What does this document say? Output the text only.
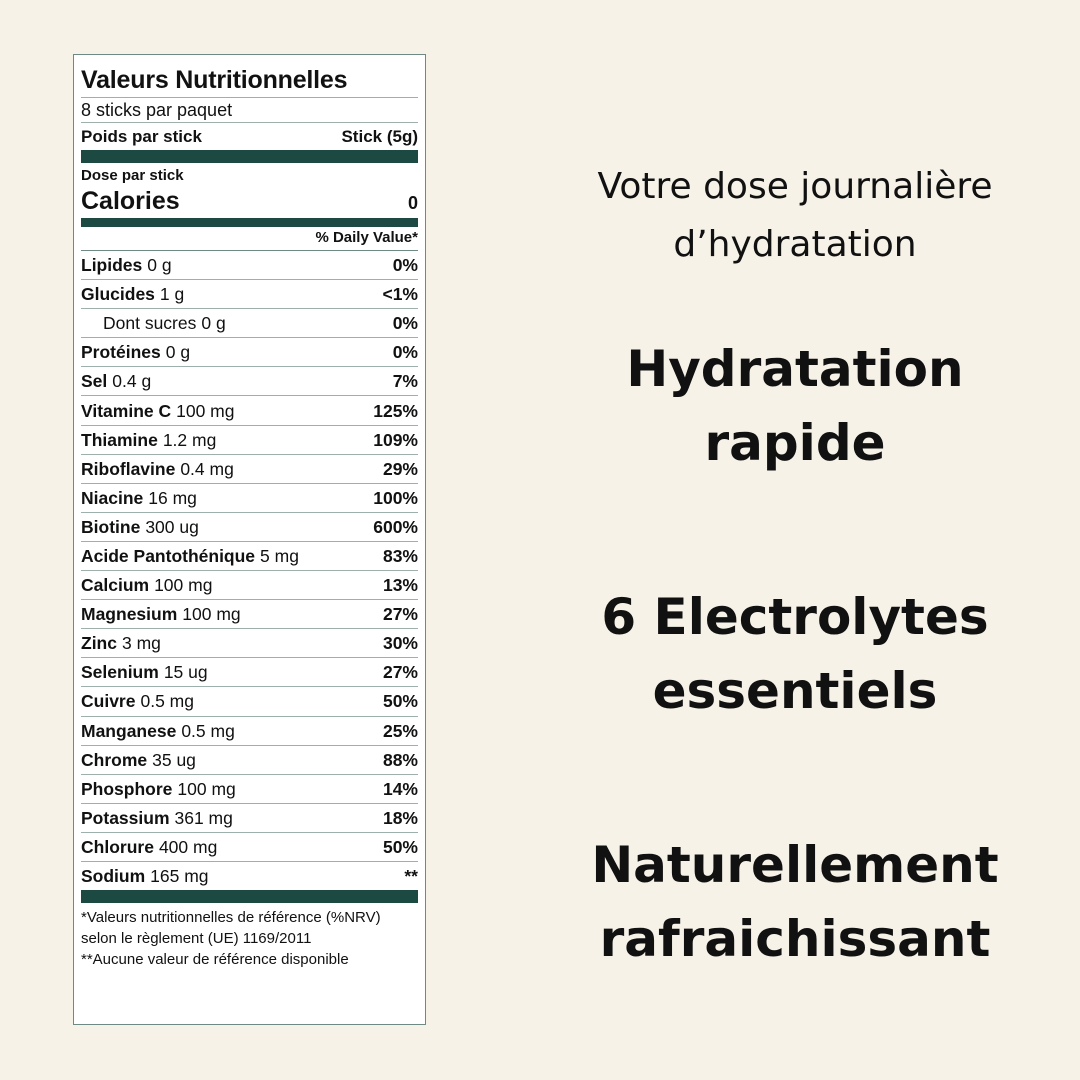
Valeurs Nutritionnelles
8 sticks par paquet
Poids par stick	Stick (5g)
Dose par stick
Calories	0
% Daily Value*
Lipides 0 g	0%
Glucides 1 g	<1%
Dont sucres 0 g	0%
Protéines 0 g	0%
Sel 0.4 g	7%
Vitamine C 100 mg	125%
Thiamine 1.2 mg	109%
Riboflavine 0.4 mg	29%
Niacine 16 mg	100%
Biotine 300 ug	600%
Acide Pantothénique 5 mg	83%
Calcium 100 mg	13%
Magnesium 100 mg	27%
Zinc 3 mg	30%
Selenium 15 ug	27%
Cuivre 0.5 mg	50%
Manganese 0.5 mg	25%
Chrome 35 ug	88%
Phosphore 100 mg	14%
Potassium 361 mg	18%
Chlorure 400 mg	50%
Sodium 165 mg	**
*Valeurs nutritionnelles de référence (%NRV) selon le règlement (UE) 1169/2011
**Aucune valeur de référence disponible
Votre dose journalière
d’hydratation
Hydratation
rapide
6 Electrolytes
essentiels
Naturellement
rafraichissant
